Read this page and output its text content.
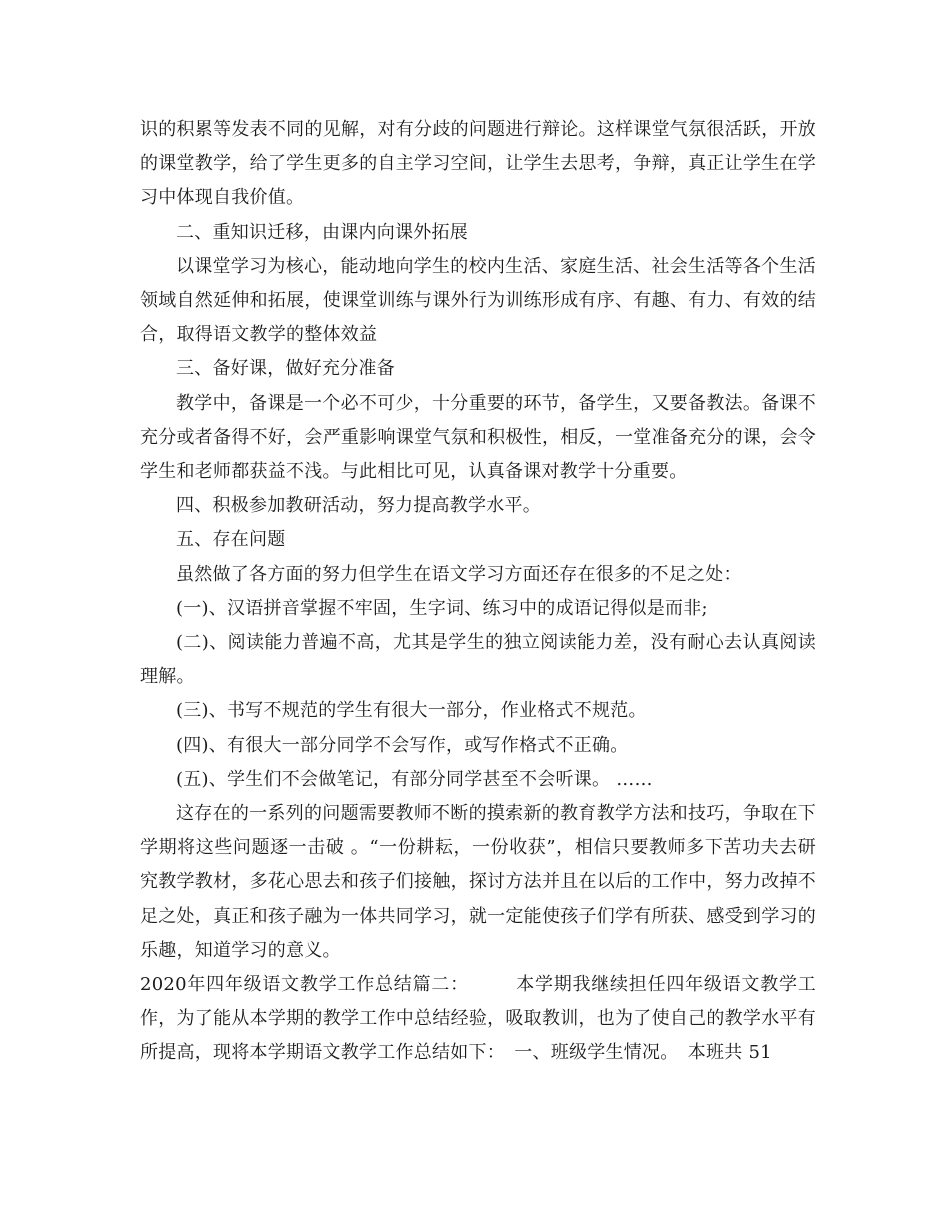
识的积累等发表不同的见解，对有分歧的问题进行辩论。这样课堂气氛很活跃，开放的课堂教学，给了学生更多的自主学习空间，让学生去思考，争辩，真正让学生在学习中体现自我价值。

二、重知识迁移，由课内向课外拓展

以课堂学习为核心，能动地向学生的校内生活、家庭生活、社会生活等各个生活领域自然延伸和拓展，使课堂训练与课外行为训练形成有序、有趣、有力、有效的结合，取得语文教学的整体效益

三、备好课，做好充分准备

教学中，备课是一个必不可少，十分重要的环节，备学生，又要备教法。备课不充分或者备得不好，会严重影响课堂气氛和积极性，相反，一堂准备充分的课，会令学生和老师都获益不浅。与此相比可见，认真备课对教学十分重要。

四、积极参加教研活动，努力提高教学水平。

五、存在问题

虽然做了各方面的努力但学生在语文学习方面还存在很多的不足之处：

(一)、汉语拼音掌握不牢固，生字词、练习中的成语记得似是而非;

(二)、阅读能力普遍不高，尤其是学生的独立阅读能力差，没有耐心去认真阅读理解。

(三)、书写不规范的学生有很大一部分，作业格式不规范。

(四)、有很大一部分同学不会写作，或写作格式不正确。

(五)、学生们不会做笔记，有部分同学甚至不会听课。 ……

这存在的一系列的问题需要教师不断的摸索新的教育教学方法和技巧，争取在下学期将这些问题逐一击破 。“一份耕耘，一份收获”，相信只要教师多下苦功夫去研究教学教材，多花心思去和孩子们接触，探讨方法并且在以后的工作中，努力改掉不足之处，真正和孩子融为一体共同学习，就一定能使孩子们学有所获、感受到学习的乐趣，知道学习的意义。

2020年四年级语文教学工作总结篇二：　　　本学期我继续担任四年级语文教学工作，为了能从本学期的教学工作中总结经验，吸取教训，也为了使自己的教学水平有所提高，现将本学期语文教学工作总结如下：　一、班级学生情况。　本班共 51
